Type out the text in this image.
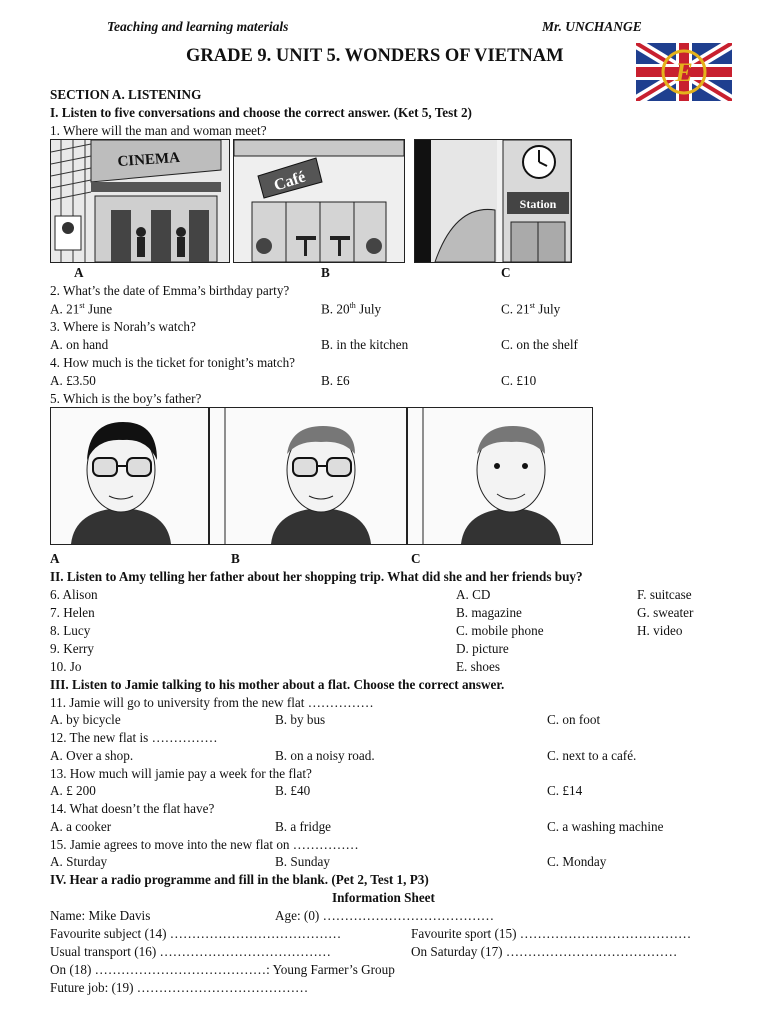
Teaching and learning materials	Mr. UNCHANGE
GRADE 9. UNIT 5. WONDERS OF VIETNAM
E
SECTION A. LISTENING
I. Listen to five conversations and choose the correct answer. (Ket 5, Test 2)
1. Where will the man and woman meet?
CINEMA
Café
Station
A	B	C
2. What’s the date of Emma’s birthday party?
A. 21st June	B. 20th July	C. 21st July
3. Where is Norah’s watch?
A. on hand	B. in the kitchen	C. on the shelf
4. How much is the ticket for tonight’s match?
A. £3.50	B. £6	C. £10
5. Which is the boy’s father?
A	B	C
II. Listen to Amy telling her father about her shopping trip. What did she and her friends buy?
6. Alison
7. Helen
8. Lucy
9. Kerry
10. Jo
A. CD
B. magazine
C. mobile phone
D. picture
E. shoes
F. suitcase
G. sweater
H. video
III. Listen to Jamie talking to his mother about a flat. Choose the correct answer.
11. Jamie will go to university from the new flat ……………
A. by bicycle	B. by bus	C. on foot
12. The new flat is ……………
A. Over a shop.	B. on a noisy road.	C. next to a café.
13. How much will jamie pay a week for the flat?
A. £ 200	B. £40	C. £14
14. What doesn’t the flat have?
A. a cooker	B. a fridge	C. a washing machine
15. Jamie agrees to move into the new flat on ……………
A. Sturday	B. Sunday	C. Monday
IV. Hear a radio programme and fill in the blank. (Pet 2, Test 1, P3)
Information Sheet
Name: Mike Davis	Age: (0) …………………………………
Favourite subject (14) …………………………………	Favourite sport (15) …………………………………
Usual transport (16) …………………………………	On Saturday (17) …………………………………
On (18) …………………………………: Young Farmer’s Group
Future job: (19) …………………………………
